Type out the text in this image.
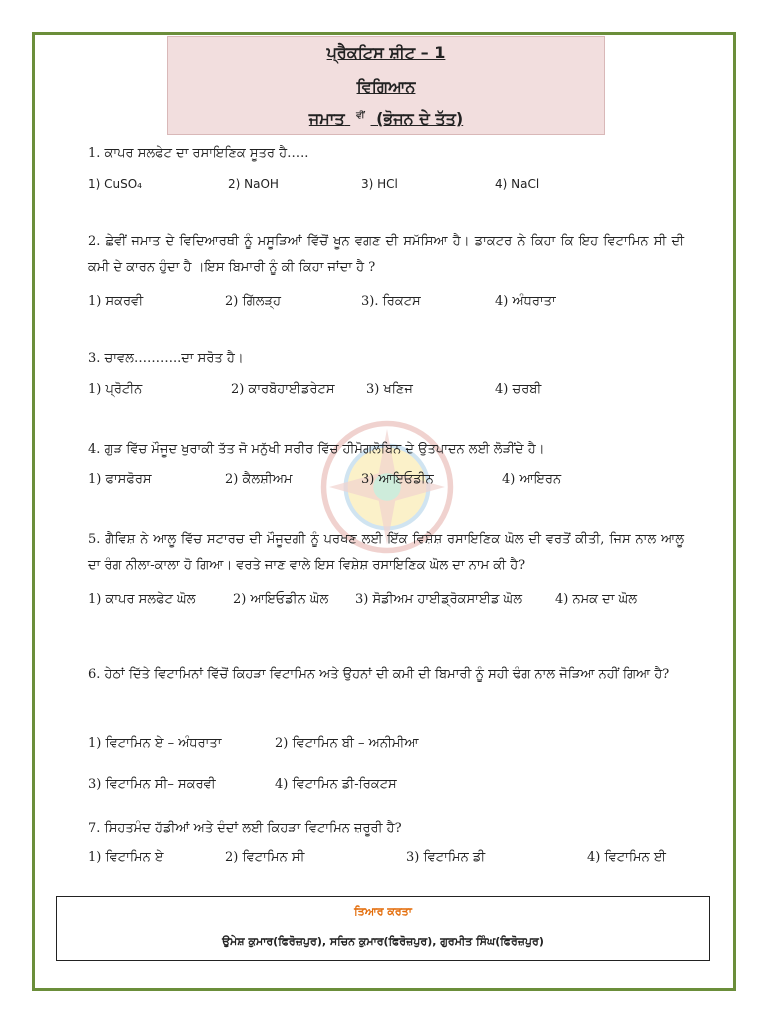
ਪ੍ਰੈਕਟਿਸ ਸ਼ੀਟ – 1
ਵਿਗਿਆਨ
ਜਮਾਤ ਵੀਂ (ਭੋਜਨ ਦੇ ਤੱਤ)
1. ਕਾਪਰ ਸਲਫੇਟ ਦਾ ਰਸਾਇਣਿਕ ਸੂਤਰ ਹੈ…..
1) CuSO₄	2) NaOH	3) HCl	4) NaCl
2. ਛੇਵੀਂ ਜਮਾਤ ਦੇ ਵਿਦਿਆਰਥੀ ਨੂੰ ਮਸੂੜਿਆਂ ਵਿੱਚੋਂ ਖੂਨ ਵਗਣ ਦੀ ਸਮੱਸਿਆ ਹੈ। ਡਾਕਟਰ ਨੇ ਕਿਹਾ ਕਿ ਇਹ ਵਿਟਾਮਿਨ ਸੀ ਦੀ ਕਮੀ ਦੇ ਕਾਰਨ ਹੁੰਦਾ ਹੈ ।ਇਸ ਬਿਮਾਰੀ ਨੂੰ ਕੀ ਕਿਹਾ ਜਾਂਦਾ ਹੈ ?
1) ਸਕਰਵੀ	2) ਗਿੱਲੜ੍ਹ	3). ਰਿਕਟਸ	4) ਅੰਧਰਾਤਾ
3. ਚਾਵਲ………..ਦਾ ਸਰੋਤ ਹੈ।
1) ਪ੍ਰੋਟੀਨ	2) ਕਾਰਬੋਹਾਈਡਰੇਟਸ 3) ਖਣਿਜ	4) ਚਰਬੀ
4. ਗੁੜ ਵਿੱਚ ਮੌਜੂਦ ਖੁਰਾਕੀ ਤੱਤ ਜੋ ਮਨੁੱਖੀ ਸਰੀਰ ਵਿੱਚ ਹੀਮੋਗਲੋਬਿਨ ਦੇ ਉਤਪਾਦਨ ਲਈ ਲੋੜੀਂਦੇ ਹੈ।
1) ਫਾਸਫੋਰਸ	2) ਕੈਲਸ਼ੀਅਮ	3) ਆਇਓਡੀਨ	4) ਆਇਰਨ
5. ਗੈਵਿਸ਼ ਨੇ ਆਲੂ ਵਿੱਚ ਸਟਾਰਚ ਦੀ ਮੌਜੂਦਗੀ ਨੂੰ ਪਰਖਣ ਲਈ ਇੱਕ ਵਿਸ਼ੇਸ਼ ਰਸਾਇਣਿਕ ਘੋਲ ਦੀ ਵਰਤੋਂ ਕੀਤੀ, ਜਿਸ ਨਾਲ ਆਲੂ ਦਾ ਰੰਗ ਨੀਲਾ-ਕਾਲਾ ਹੋ ਗਿਆ। ਵਰਤੇ ਜਾਣ ਵਾਲੇ ਇਸ ਵਿਸ਼ੇਸ਼ ਰਸਾਇਣਿਕ ਘੋਲ ਦਾ ਨਾਮ ਕੀ ਹੈ?
1) ਕਾਪਰ ਸਲਫੇਟ ਘੋਲ	2) ਆਇਓਡੀਨ ਘੋਲ 3) ਸੋਡੀਅਮ ਹਾਈਡ੍ਰੋਕਸਾਈਡ ਘੋਲ	4) ਨਮਕ ਦਾ ਘੋਲ
6. ਹੇਠਾਂ ਦਿੱਤੇ ਵਿਟਾਮਿਨਾਂ ਵਿੱਚੋਂ ਕਿਹੜਾ ਵਿਟਾਮਿਨ ਅਤੇ ਉਹਨਾਂ ਦੀ ਕਮੀ ਦੀ ਬਿਮਾਰੀ ਨੂੰ ਸਹੀ ਢੰਗ ਨਾਲ ਜੋੜਿਆ ਨਹੀਂ ਗਿਆ ਹੈ?
1) ਵਿਟਾਮਿਨ ਏ – ਅੰਧਰਾਤਾ	2) ਵਿਟਾਮਿਨ ਬੀ – ਅਨੀਮੀਆ
3) ਵਿਟਾਮਿਨ ਸੀ– ਸਕਰਵੀ	4) ਵਿਟਾਮਿਨ ਡੀ-ਰਿਕਟਸ
7. ਸਿਹਤਮੰਦ ਹੱਡੀਆਂ ਅਤੇ ਦੰਦਾਂ ਲਈ ਕਿਹੜਾ ਵਿਟਾਮਿਨ ਜ਼ਰੂਰੀ ਹੈ?
1) ਵਿਟਾਮਿਨ ਏ	2) ਵਿਟਾਮਿਨ ਸੀ	3) ਵਿਟਾਮਿਨ ਡੀ	4) ਵਿਟਾਮਿਨ ਈ
ਤਿਆਰ ਕਰਤਾ
ਉਮੇਸ਼ ਕੁਮਾਰ(ਫਿਰੋਜ਼ਪੁਰ), ਸਚਿਨ ਕੁਮਾਰ(ਫਿਰੋਜ਼ਪੁਰ), ਗੁਰਮੀਤ ਸਿੰਘ(ਫਿਰੋਜ਼ਪੁਰ)
